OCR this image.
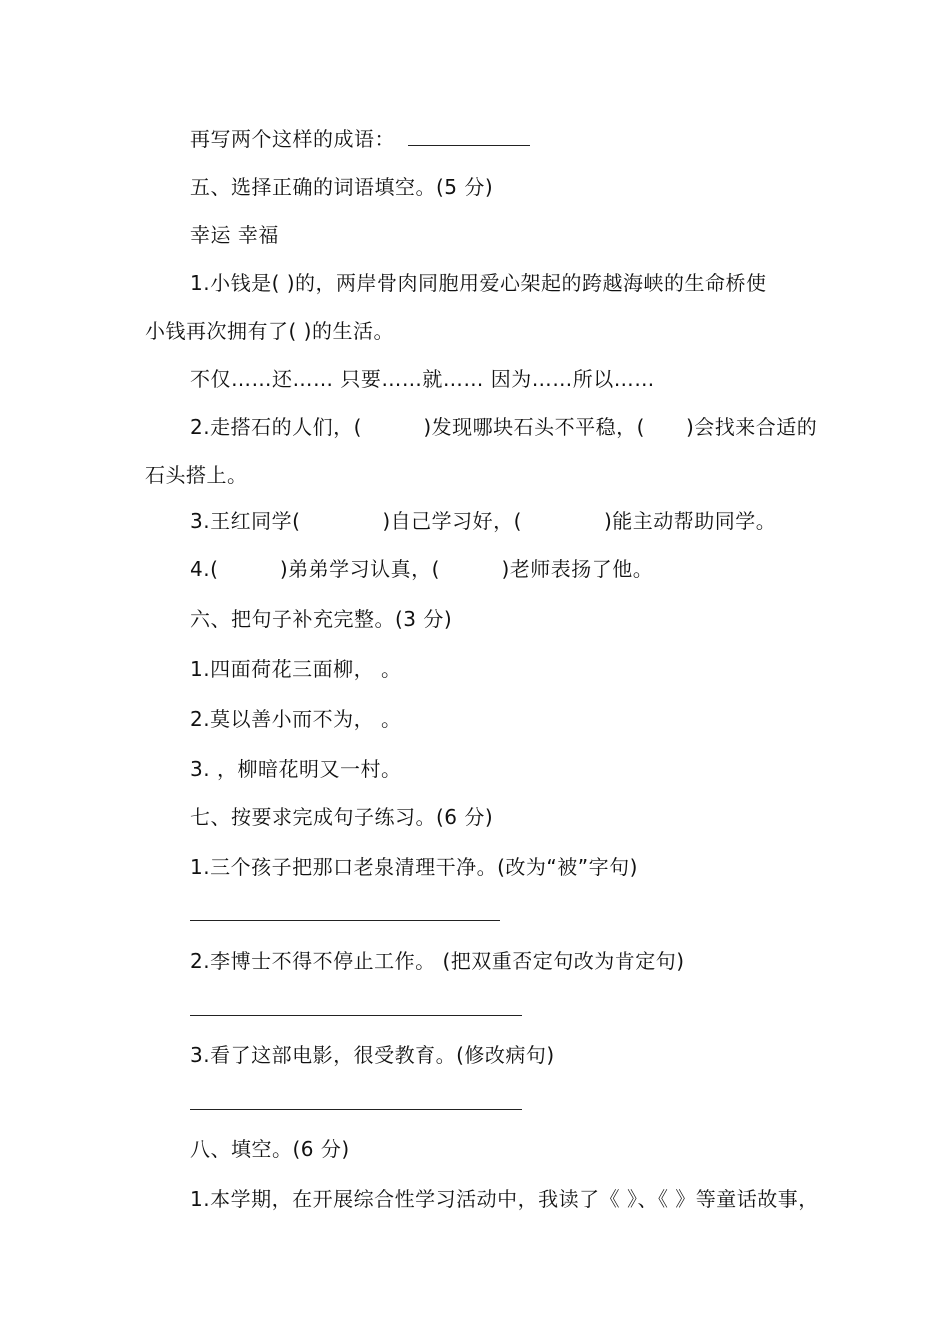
再写两个这样的成语：
五、选择正确的词语填空。(5 分)
幸运 幸福
1.小钱是( )的，两岸骨肉同胞用爱心架起的跨越海峡的生命桥使
小钱再次拥有了( )的生活。
不仅……还…… 只要……就…… 因为……所以……
2.走搭石的人们，(　　　)发现哪块石头不平稳，(　　)会找来合适的
石头搭上。
3.王红同学(　　　　)自己学习好，(　　　　)能主动帮助同学。
4.(　　　)弟弟学习认真，(　　　)老师表扬了他。
六、把句子补充完整。(3 分)
1.四面荷花三面柳， 。
2.莫以善小而不为， 。
3. ，柳暗花明又一村。
七、按要求完成句子练习。(6 分)
1.三个孩子把那口老泉清理干净。(改为“被”字句)
2.李博士不得不停止工作。 (把双重否定句改为肯定句)
3.看了这部电影，很受教育。(修改病句)
八、填空。(6 分)
1.本学期，在开展综合性学习活动中，我读了《 》、《 》等童话故事，
